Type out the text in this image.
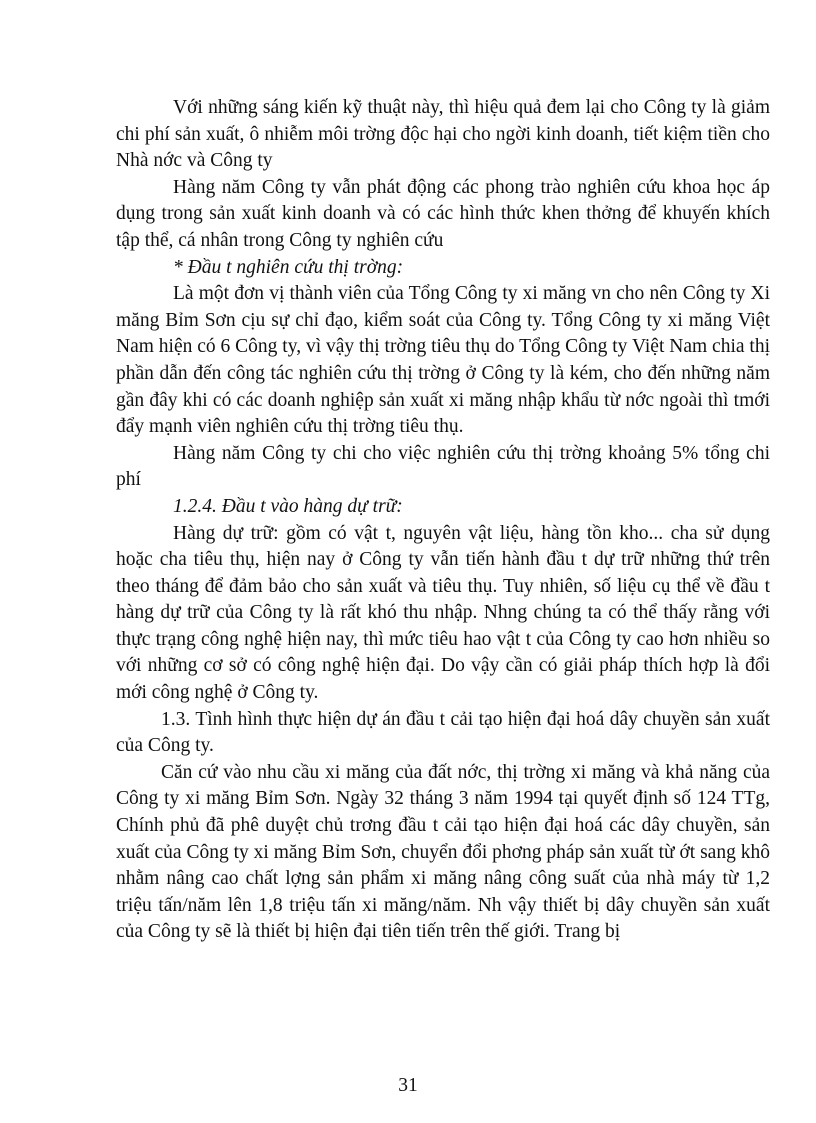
Với những sáng kiến kỹ thuật này, thì hiệu quả đem lại cho Công ty là giảm chi phí sản xuất, ô nhiễm môi trờng độc hại cho ngời kinh doanh, tiết kiệm tiền cho Nhà nớc và Công ty

Hàng năm Công ty vẫn phát động các phong trào nghiên cứu khoa học áp dụng trong sản xuất kinh doanh và có các hình thức khen thởng để khuyến khích tập thể, cá nhân trong Công ty nghiên cứu

* Đầu t nghiên cứu thị trờng:

Là một đơn vị thành viên của Tổng Công ty xi măng vn cho nên Công ty Xi măng Bỉm Sơn cịu sự chỉ đạo, kiểm soát của Công ty. Tổng Công ty xi măng Việt Nam hiện có 6 Công ty, vì vậy thị trờng tiêu thụ do Tổng Công ty Việt Nam chia thị phần dẫn đến công tác nghiên cứu thị trờng ở Công ty là kém, cho đến những năm gần đây khi có các doanh nghiệp sản xuất xi măng nhập khẩu từ nớc ngoài thì tmới đẩy mạnh viên nghiên cứu thị trờng tiêu thụ.

Hàng năm Công ty chi cho việc nghiên cứu thị trờng khoảng 5% tổng chi phí

1.2.4. Đầu t vào hàng dự trữ:

Hàng dự trữ: gồm có vật t, nguyên vật liệu, hàng tồn kho... cha sử dụng hoặc cha tiêu thụ, hiện nay ở Công ty vẫn tiến hành đầu t dự trữ những thứ trên theo tháng để đảm bảo cho sản xuất và tiêu thụ. Tuy nhiên, số liệu cụ thể về đầu t hàng dự trữ của Công ty là rất khó thu nhập. Nhng chúng ta có thể thấy rằng với thực trạng công nghệ hiện nay, thì mức tiêu hao vật t của Công ty cao hơn nhiều so với những cơ sở có công nghệ hiện đại. Do vậy cần có giải pháp thích hợp là đổi mới công nghệ ở Công ty.

1.3. Tình hình thực hiện dự án đầu t cải tạo hiện đại hoá dây chuyền sản xuất của Công ty.

Căn cứ vào nhu cầu xi măng của đất nớc, thị trờng xi măng và khả năng của Công ty xi măng Bỉm Sơn. Ngày 32 tháng 3 năm 1994 tại quyết định số 124 TTg, Chính phủ đã phê duyệt chủ trơng đầu t cải tạo hiện đại hoá các dây chuyền, sản xuất của Công ty xi măng Bỉm Sơn, chuyển đổi phơng pháp sản xuất từ ớt sang khô nhằm nâng cao chất lợng sản phẩm xi măng nâng công suất của nhà máy từ 1,2 triệu tấn/năm lên 1,8 triệu tấn xi măng/năm. Nh vậy thiết bị dây chuyền sản xuất của Công ty sẽ là thiết bị hiện đại tiên tiến trên thế giới. Trang bị

31
